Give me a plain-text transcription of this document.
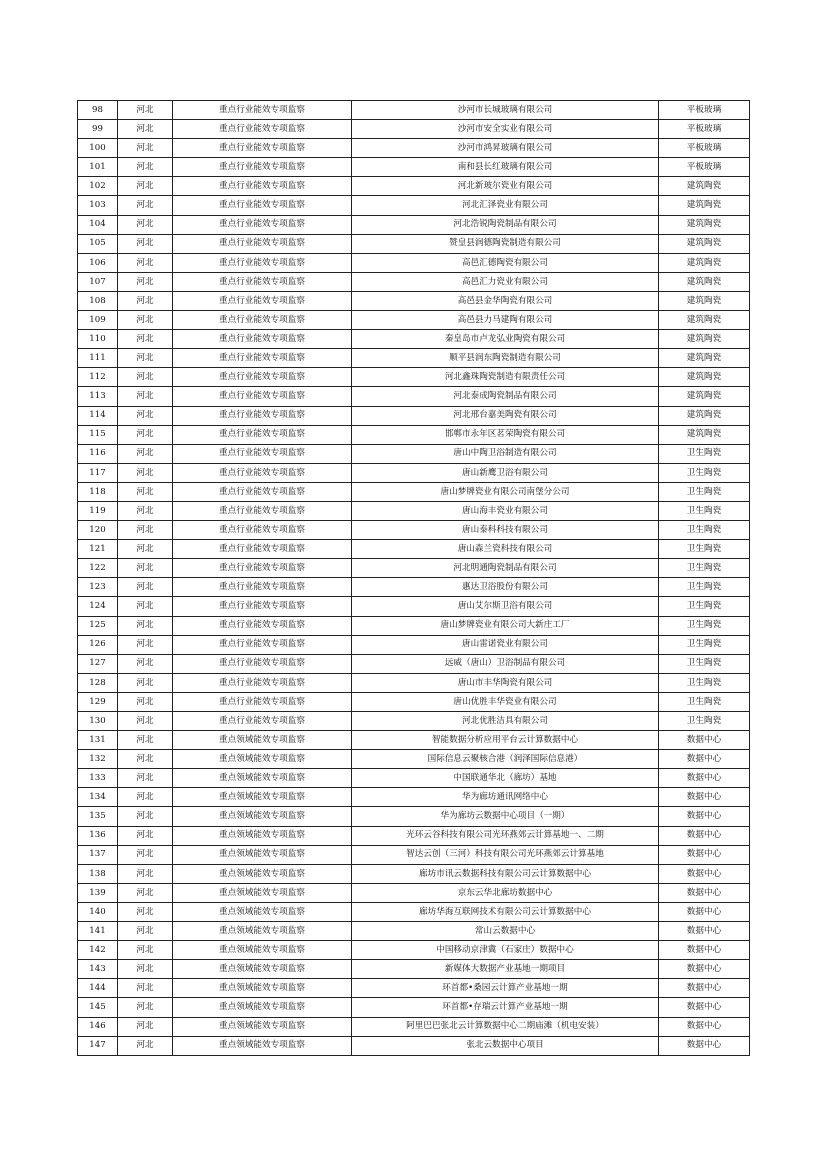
98	河北	重点行业能效专项监察	沙河市长城玻璃有限公司	平板玻璃
99	河北	重点行业能效专项监察	沙河市安全实业有限公司	平板玻璃
100	河北	重点行业能效专项监察	沙河市鸿昇玻璃有限公司	平板玻璃
101	河北	重点行业能效专项监察	南和县长红玻璃有限公司	平板玻璃
102	河北	重点行业能效专项监察	河北新玻尔瓷业有限公司	建筑陶瓷
103	河北	重点行业能效专项监察	河北汇泽瓷业有限公司	建筑陶瓷
104	河北	重点行业能效专项监察	河北浩锐陶瓷制品有限公司	建筑陶瓷
105	河北	重点行业能效专项监察	赞皇县润德陶瓷制造有限公司	建筑陶瓷
106	河北	重点行业能效专项监察	高邑汇德陶瓷有限公司	建筑陶瓷
107	河北	重点行业能效专项监察	高邑汇力瓷业有限公司	建筑陶瓷
108	河北	重点行业能效专项监察	高邑县金华陶瓷有限公司	建筑陶瓷
109	河北	重点行业能效专项监察	高邑县力马建陶有限公司	建筑陶瓷
110	河北	重点行业能效专项监察	秦皇岛市卢龙弘业陶瓷有限公司	建筑陶瓷
111	河北	重点行业能效专项监察	顺平县润东陶瓷制造有限公司	建筑陶瓷
112	河北	重点行业能效专项监察	河北鑫珠陶瓷制造有限责任公司	建筑陶瓷
113	河北	重点行业能效专项监察	河北泰成陶瓷制品有限公司	建筑陶瓷
114	河北	重点行业能效专项监察	河北邢台嘉美陶瓷有限公司	建筑陶瓷
115	河北	重点行业能效专项监察	邯郸市永年区茗荣陶瓷有限公司	建筑陶瓷
116	河北	重点行业能效专项监察	唐山中陶卫浴制造有限公司	卫生陶瓷
117	河北	重点行业能效专项监察	唐山新鹰卫浴有限公司	卫生陶瓷
118	河北	重点行业能效专项监察	唐山梦牌瓷业有限公司南堡分公司	卫生陶瓷
119	河北	重点行业能效专项监察	唐山海丰瓷业有限公司	卫生陶瓷
120	河北	重点行业能效专项监察	唐山泰科科技有限公司	卫生陶瓷
121	河北	重点行业能效专项监察	唐山森兰瓷科技有限公司	卫生陶瓷
122	河北	重点行业能效专项监察	河北明通陶瓷制品有限公司	卫生陶瓷
123	河北	重点行业能效专项监察	惠达卫浴股份有限公司	卫生陶瓷
124	河北	重点行业能效专项监察	唐山艾尔斯卫浴有限公司	卫生陶瓷
125	河北	重点行业能效专项监察	唐山梦牌瓷业有限公司大新庄工厂	卫生陶瓷
126	河北	重点行业能效专项监察	唐山雷诺瓷业有限公司	卫生陶瓷
127	河北	重点行业能效专项监察	远威（唐山）卫浴制品有限公司	卫生陶瓷
128	河北	重点行业能效专项监察	唐山市丰华陶瓷有限公司	卫生陶瓷
129	河北	重点行业能效专项监察	唐山优胜丰华瓷业有限公司	卫生陶瓷
130	河北	重点行业能效专项监察	河北优胜洁具有限公司	卫生陶瓷
131	河北	重点领域能效专项监察	智能数据分析应用平台云计算数据中心	数据中心
132	河北	重点领域能效专项监察	国际信息云聚核合港（润泽国际信息港）	数据中心
133	河北	重点领域能效专项监察	中国联通华北（廊坊）基地	数据中心
134	河北	重点领域能效专项监察	华为廊坊通讯网络中心	数据中心
135	河北	重点领域能效专项监察	华为廊坊云数据中心项目（一期）	数据中心
136	河北	重点领域能效专项监察	光环云谷科技有限公司光环燕郊云计算基地一、二期	数据中心
137	河北	重点领域能效专项监察	智达云创（三河）科技有限公司光环燕郊云计算基地	数据中心
138	河北	重点领域能效专项监察	廊坊市讯云数据科技有限公司云计算数据中心	数据中心
139	河北	重点领域能效专项监察	京东云华北廊坊数据中心	数据中心
140	河北	重点领域能效专项监察	廊坊华海互联网技术有限公司云计算数据中心	数据中心
141	河北	重点领域能效专项监察	常山云数据中心	数据中心
142	河北	重点领域能效专项监察	中国移动京津冀（石家庄）数据中心	数据中心
143	河北	重点领域能效专项监察	新媒体大数据产业基地一期项目	数据中心
144	河北	重点领域能效专项监察	环首都•桑园云计算产业基地一期	数据中心
145	河北	重点领域能效专项监察	环首都•存瑞云计算产业基地一期	数据中心
146	河北	重点领域能效专项监察	阿里巴巴张北云计算数据中心二期庙滩（机电安装）	数据中心
147	河北	重点领域能效专项监察	张北云数据中心项目	数据中心
